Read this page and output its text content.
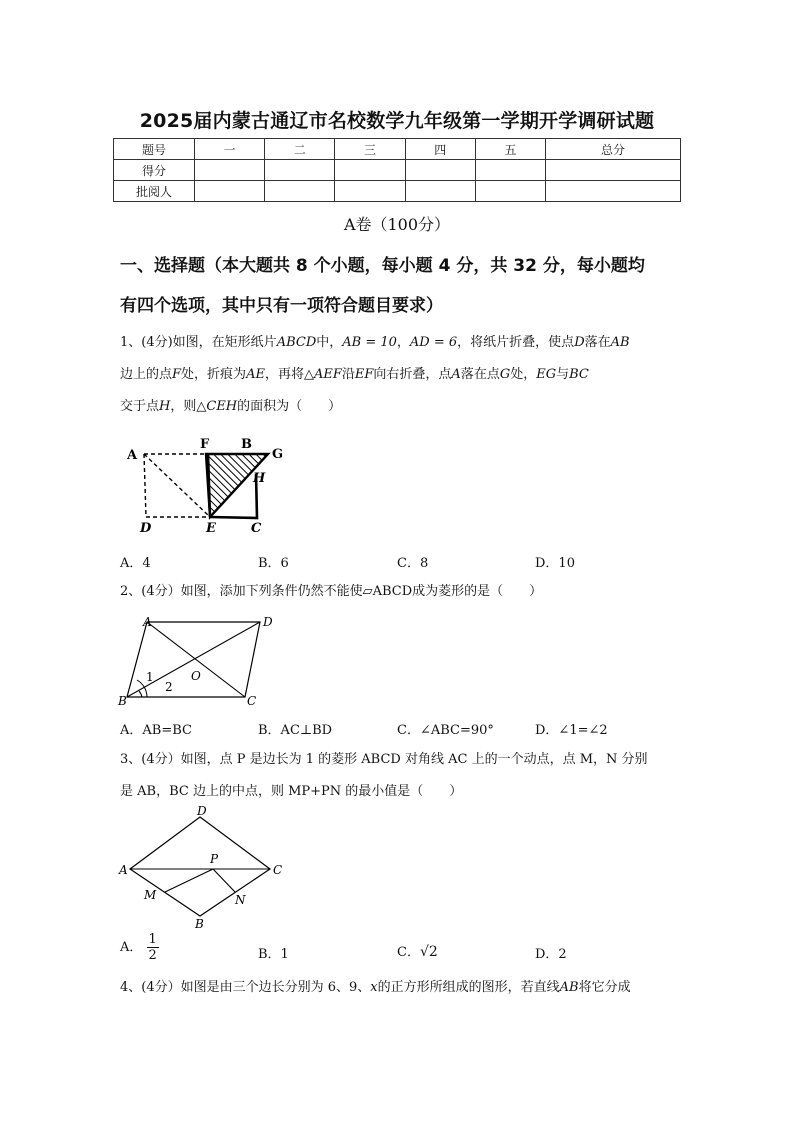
2025届内蒙古通辽市名校数学九年级第一学期开学调研试题
题号	一	二	三	四	五	总分
得分						
批阅人						
A卷（100分）
一、选择题（本大题共 8 个小题，每小题 4 分，共 32 分，每小题均
有四个选项，其中只有一项符合题目要求）
1、(4分)如图，在矩形纸片ABCD中，AB = 10，AD = 6，将纸片折叠，使点D落在AB
边上的点F处，折痕为AE，再将△AEF沿EF向右折叠，点A落在点G处，EG与BC
交于点H，则△CEH的面积为（　　）
A
F B
G
H
D	E	C
A．4	B．6	C．8	D．10
2、(4分）如图，添加下列条件仍然不能使▱ABCD成为菱形的是（　　）
A	D
B	C
O
1
2
A．AB=BC	B．AC⊥BD	C．∠ABC=90°	D．∠1=∠2
3、(4分）如图，点 P 是边长为 1 的菱形 ABCD 对角线 AC 上的一个动点，点 M，N 分别
是 AB，BC 边上的中点，则 MP+PN 的最小值是（　　）
D
A
P
C
M	N
B
A． $\frac{1}{2}$	B．1	C．√2	D．2
4、(4分）如图是由三个边长分别为 6、9、x的正方形所组成的图形，若直线AB将它分成
